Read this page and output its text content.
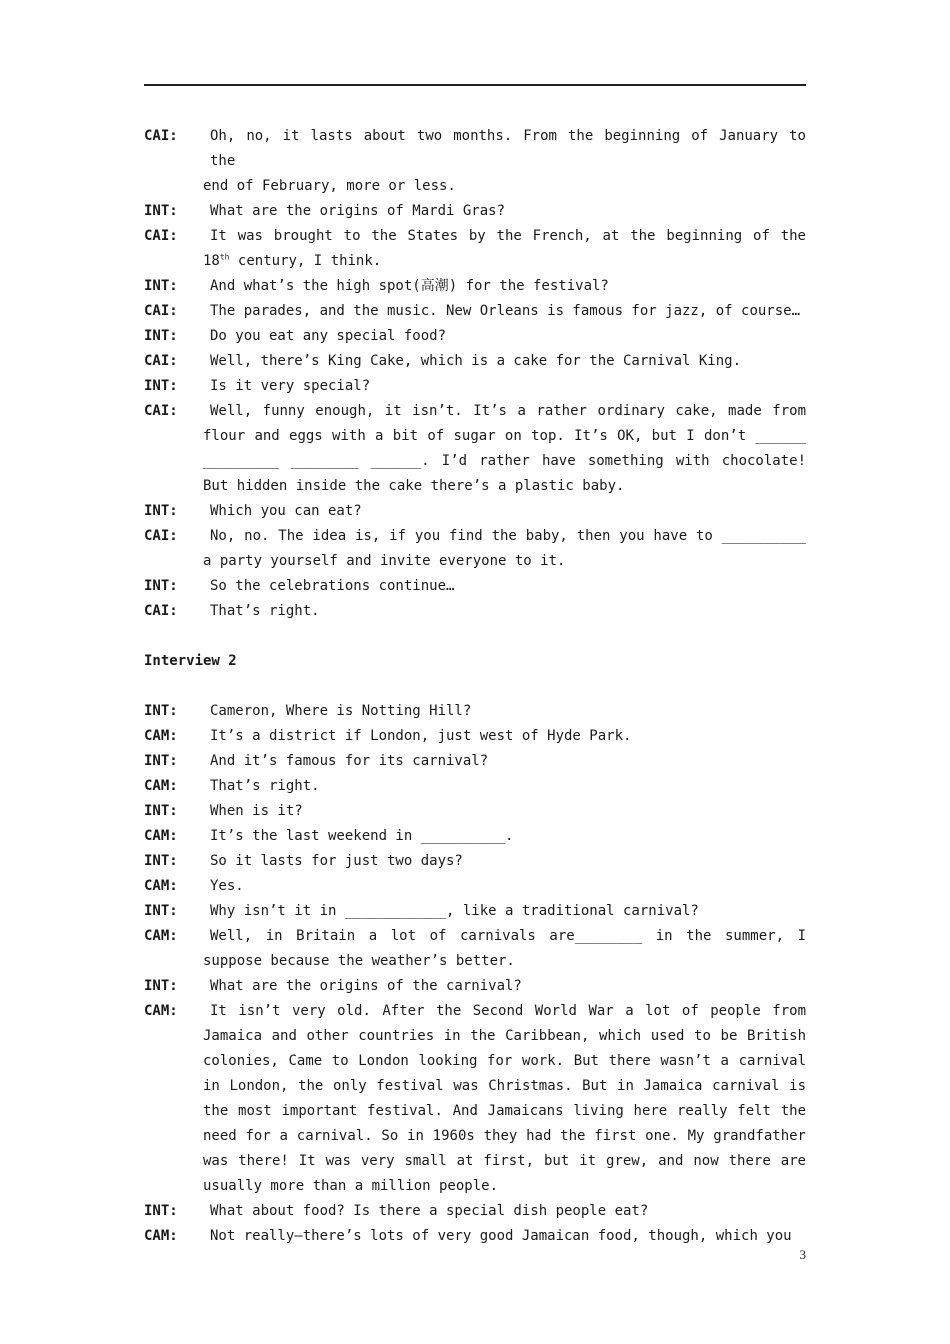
CAI:	Oh, no, it lasts about two months. From the beginning of January to the
end of February, more or less.
INT:	What are the origins of Mardi Gras?
CAI:	It was brought to the States by the French, at the beginning of the
18th century, I think.
INT:	And what’s the high spot(高潮) for the festival?
CAI:	The parades, and the music. New Orleans is famous for jazz, of course…
INT:	Do you eat any special food?
CAI:	Well, there’s King Cake, which is a cake for the Carnival King.
INT:	Is it very special?
CAI:	Well, funny enough, it isn’t. It’s a rather ordinary cake, made from
flour and eggs with a bit of sugar on top. It’s OK, but I don’t ______
_________ ________ ______. I’d rather have something with chocolate!
But hidden inside the cake there’s a plastic baby.
INT:	Which you can eat?
CAI:	No, no. The idea is, if you find the baby, then you have to __________
a party yourself and invite everyone to it.
INT:	So the celebrations continue…
CAI:	That’s right.
Interview 2
INT:	Cameron, Where is Notting Hill?
CAM:	It’s a district if London, just west of Hyde Park.
INT:	And it’s famous for its carnival?
CAM:	That’s right.
INT:	When is it?
CAM:	It’s the last weekend in __________.
INT:	So it lasts for just two days?
CAM:	Yes.
INT:	Why isn’t it in ____________, like a traditional carnival?
CAM:	Well, in Britain a lot of carnivals are________ in the summer, I
suppose because the weather’s better.
INT:	What are the origins of the carnival?
CAM:	It isn’t very old. After the Second World War a lot of people from
Jamaica and other countries in the Caribbean, which used to be British
colonies, Came to London looking for work. But there wasn’t a carnival
in London, the only festival was Christmas. But in Jamaica carnival is
the most important festival. And Jamaicans living here really felt the
need for a carnival. So in 1960s they had the first one. My grandfather
was there! It was very small at first, but it grew, and now there are
usually more than a million people.
INT:	What about food? Is there a special dish people eat?
CAM:	Not really—there’s lots of very good Jamaican food, though, which you
3
